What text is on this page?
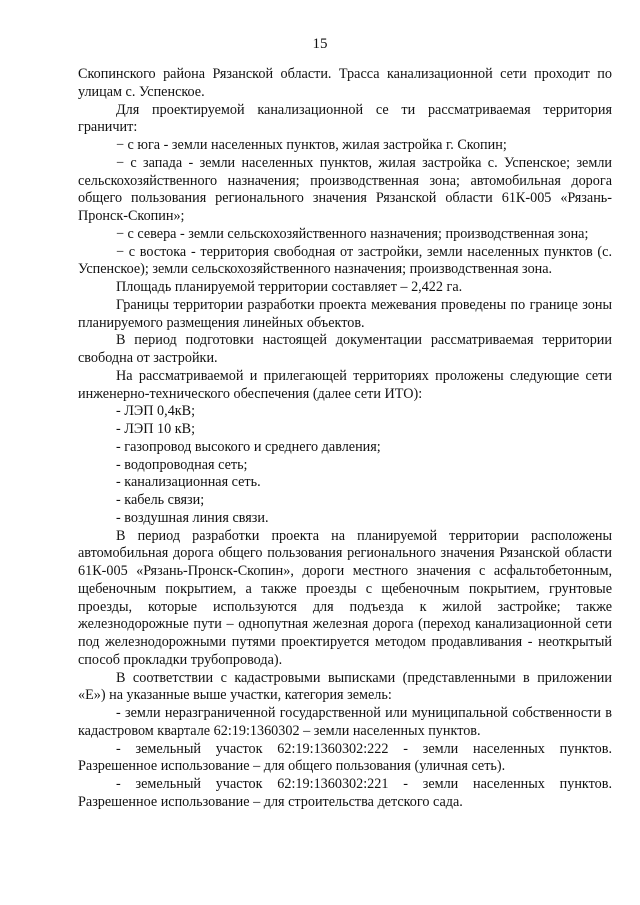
15

Скопинского района Рязанской области. Трасса канализационной сети проходит по улицам с. Успенское.

Для проектируемой канализационной се ти рассматриваемая территория граничит:

− с юга - земли населенных пунктов, жилая застройка г. Скопин;

− с запада - земли населенных пунктов, жилая застройка с. Успенское; земли сельскохозяйственного назначения; производственная зона; автомобильная дорога общего пользования регионального значения Рязанской области 61К-005 «Рязань-Пронск-Скопин»;

− с севера - земли сельскохозяйственного назначения; производственная зона;

− с востока - территория свободная от застройки, земли населенных пунктов (с. Успенское); земли сельскохозяйственного назначения; производственная зона.

Площадь планируемой территории составляет – 2,422 га.

Границы территории разработки проекта межевания проведены по границе зоны планируемого размещения линейных объектов.

В период подготовки настоящей документации рассматриваемая территории свободна от застройки.

На рассматриваемой и прилегающей территориях проложены следующие сети инженерно-технического обеспечения (далее сети ИТО):

- ЛЭП 0,4кВ;

- ЛЭП 10 кВ;

- газопровод высокого и среднего давления;

- водопроводная сеть;

- канализационная сеть.

- кабель связи;

- воздушная линия связи.

В период разработки проекта на планируемой территории расположены автомобильная дорога общего пользования регионального значения Рязанской области 61К-005 «Рязань-Пронск-Скопин», дороги местного значения с асфальтобетонным, щебеночным покрытием, а также проезды с щебеночным покрытием, грунтовые проезды, которые используются для подъезда к жилой застройке; также железнодорожные пути – однопутная железная дорога (переход канализационной сети под железнодорожными путями проектируется методом продавливания - неоткрытый способ прокладки трубопровода).

В соответствии с кадастровыми выписками (представленными в приложении «Е») на указанные выше участки, категория земель:

- земли неразграниченной государственной или муниципальной собственности в кадастровом квартале 62:19:1360302 – земли населенных пунктов.

- земельный участок 62:19:1360302:222 - земли населенных пунктов. Разрешенное использование – для общего пользования (уличная сеть).

- земельный участок 62:19:1360302:221 - земли населенных пунктов. Разрешенное использование – для строительства детского сада.
